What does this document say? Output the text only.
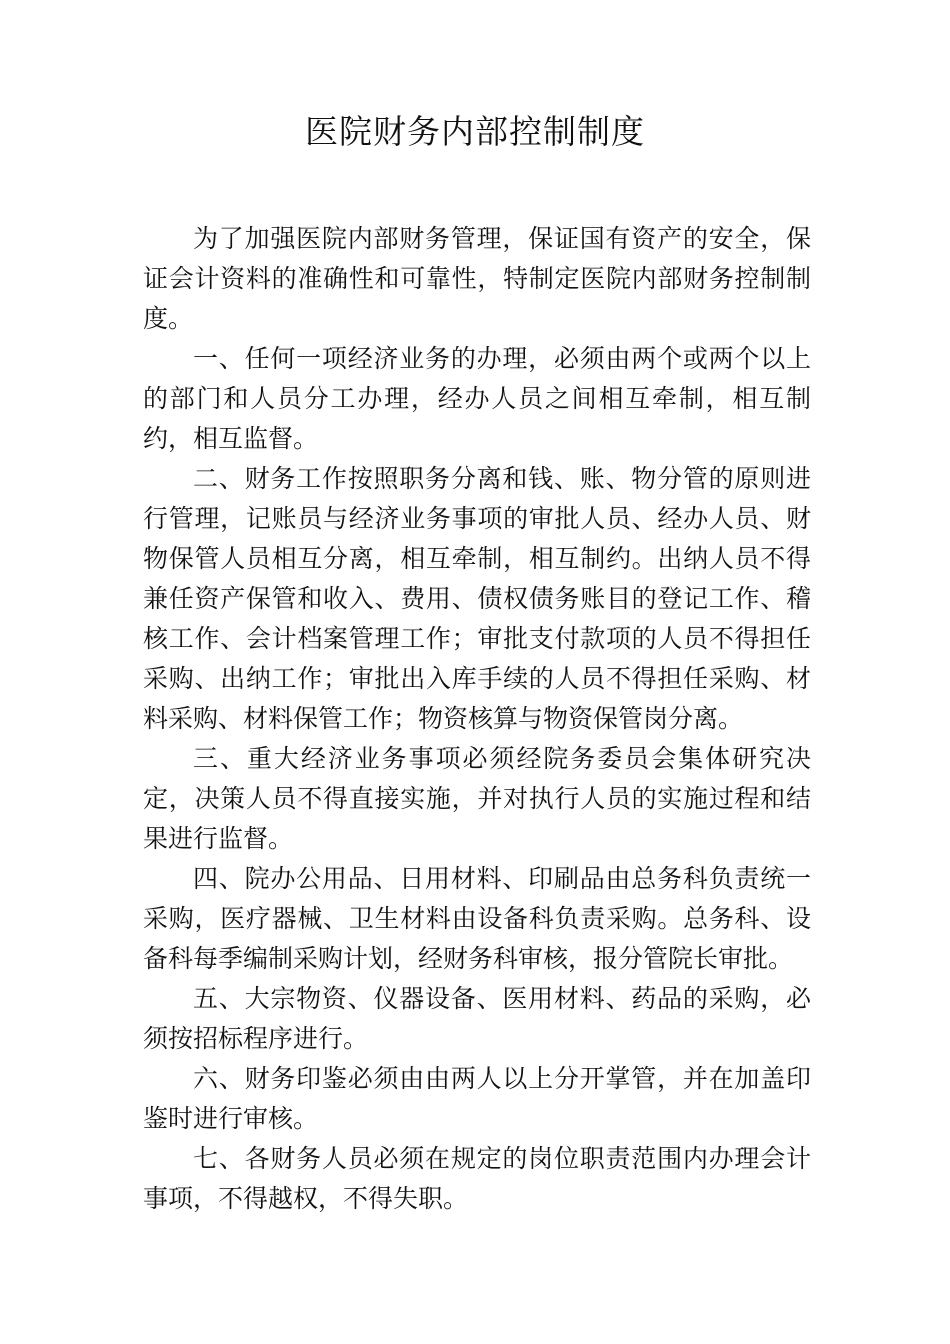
医院财务内部控制制度

为了加强医院内部财务管理，保证国有资产的安全，保证会计资料的准确性和可靠性，特制定医院内部财务控制制度。

一、任何一项经济业务的办理，必须由两个或两个以上的部门和人员分工办理，经办人员之间相互牵制，相互制约，相互监督。

二、财务工作按照职务分离和钱、账、物分管的原则进行管理，记账员与经济业务事项的审批人员、经办人员、财物保管人员相互分离，相互牵制，相互制约。出纳人员不得兼任资产保管和收入、费用、债权债务账目的登记工作、稽核工作、会计档案管理工作；审批支付款项的人员不得担任采购、出纳工作；审批出入库手续的人员不得担任采购、材料采购、材料保管工作；物资核算与物资保管岗分离。

三、重大经济业务事项必须经院务委员会集体研究决定，决策人员不得直接实施，并对执行人员的实施过程和结果进行监督。

四、院办公用品、日用材料、印刷品由总务科负责统一采购，医疗器械、卫生材料由设备科负责采购。总务科、设备科每季编制采购计划，经财务科审核，报分管院长审批。

五、大宗物资、仪器设备、医用材料、药品的采购，必须按招标程序进行。

六、财务印鉴必须由由两人以上分开掌管，并在加盖印鉴时进行审核。

七、各财务人员必须在规定的岗位职责范围内办理会计事项，不得越权，不得失职。
